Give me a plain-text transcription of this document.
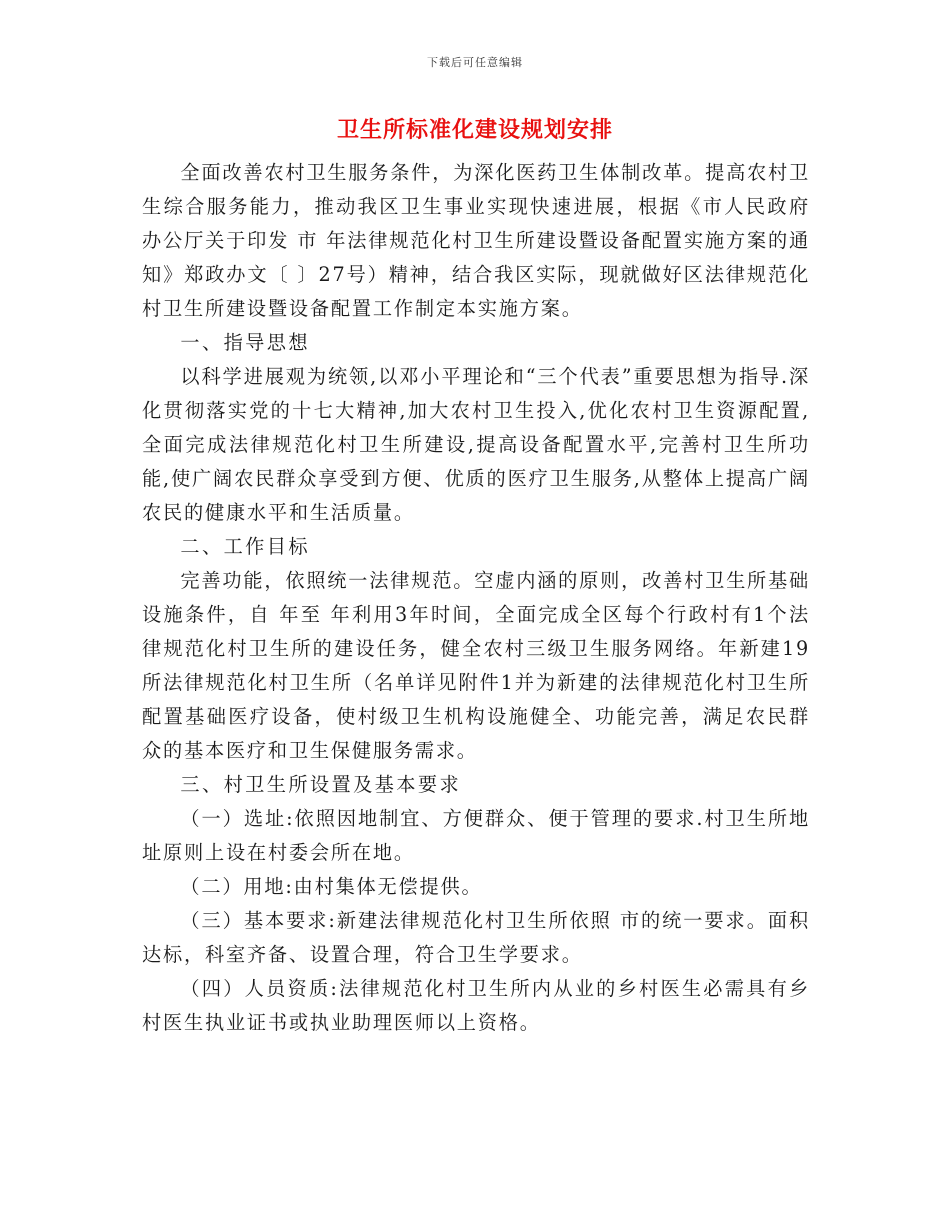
下载后可任意编辑
卫生所标准化建设规划安排

全面改善农村卫生服务条件，为深化医药卫生体制改革。提高农村卫生综合服务能力，推动我区卫生事业实现快速进展，根据《市人民政府办公厅关于印发 市 年法律规范化村卫生所建设暨设备配置实施方案的通知》郑政办文〔 〕27号）精神，结合我区实际，现就做好区法律规范化村卫生所建设暨设备配置工作制定本实施方案。

一、指导思想

以科学进展观为统领,以邓小平理论和“三个代表”重要思想为指导.深化贯彻落实党的十七大精神,加大农村卫生投入,优化农村卫生资源配置,全面完成法律规范化村卫生所建设,提高设备配置水平,完善村卫生所功能,使广阔农民群众享受到方便、优质的医疗卫生服务,从整体上提高广阔农民的健康水平和生活质量。

二、工作目标

完善功能，依照统一法律规范。空虚内涵的原则，改善村卫生所基础设施条件，自 年至 年利用3年时间，全面完成全区每个行政村有1个法律规范化村卫生所的建设任务，健全农村三级卫生服务网络。年新建19所法律规范化村卫生所（名单详见附件1并为新建的法律规范化村卫生所配置基础医疗设备，使村级卫生机构设施健全、功能完善，满足农民群众的基本医疗和卫生保健服务需求。

三、村卫生所设置及基本要求

（一）选址:依照因地制宜、方便群众、便于管理的要求.村卫生所地址原则上设在村委会所在地。

（二）用地:由村集体无偿提供。

（三）基本要求:新建法律规范化村卫生所依照 市的统一要求。面积达标，科室齐备、设置合理，符合卫生学要求。

（四）人员资质:法律规范化村卫生所内从业的乡村医生必需具有乡村医生执业证书或执业助理医师以上资格。
